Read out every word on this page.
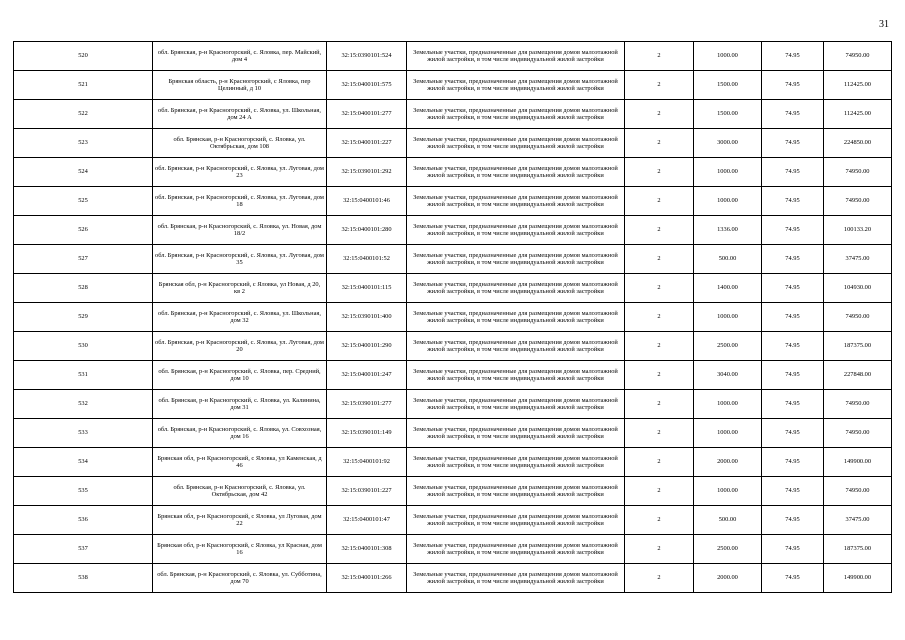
31
520	обл. Брянская, р-н Красногорский, с. Яловка, пер. Майский, дом 4	32:15:0390101:524	Земельные участки, предназначенные для размещения домов малоэтажной жилой застройки, в том числе индивидуальной жилой застройки	2	1000.00	74.95	74950.00
521	Брянская область, р-н Красногорский, с Яловка, пер Целинный, д 10	32:15:0400101:575	Земельные участки, предназначенные для размещения домов малоэтажной жилой застройки, в том числе индивидуальной жилой застройки	2	1500.00	74.95	112425.00
522	обл. Брянская, р-н Красногорский, с. Яловка, ул. Школьная, дом 24 А	32:15:0400101:277	Земельные участки, предназначенные для размещения домов малоэтажной жилой застройки, в том числе индивидуальной жилой застройки	2	1500.00	74.95	112425.00
523	обл. Брянская, р-н Красногорский, с. Яловка, ул. Октябрьская, дом 108	32:15:0400101:227	Земельные участки, предназначенные для размещения домов малоэтажной жилой застройки, в том числе индивидуальной жилой застройки	2	3000.00	74.95	224850.00
524	обл. Брянская, р-н Красногорский, с. Яловка, ул. Луговая, дом 23	32:15:0390101:292	Земельные участки, предназначенные для размещения домов малоэтажной жилой застройки, в том числе индивидуальной жилой застройки	2	1000.00	74.95	74950.00
525	обл. Брянская, р-н Красногорский, с. Яловка, ул. Луговая, дом 18	32:15:0400101:46	Земельные участки, предназначенные для размещения домов малоэтажной жилой застройки, в том числе индивидуальной жилой застройки	2	1000.00	74.95	74950.00
526	обл. Брянская, р-н Красногорский, с. Яловка, ул. Новая, дом 18/2	32:15:0400101:280	Земельные участки, предназначенные для размещения домов малоэтажной жилой застройки, в том числе индивидуальной жилой застройки	2	1336.00	74.95	100133.20
527	обл. Брянская, р-н Красногорский, с. Яловка, ул. Луговая, дом 35	32:15:0400101:52	Земельные участки, предназначенные для размещения домов малоэтажной жилой застройки, в том числе индивидуальной жилой застройки	2	500.00	74.95	37475.00
528	Брянская обл, р-н Красногорский, с Яловка, ул Новая, д 20, кв 2	32:15:0400101:115	Земельные участки, предназначенные для размещения домов малоэтажной жилой застройки, в том числе индивидуальной жилой застройки	2	1400.00	74.95	104930.00
529	обл. Брянская, р-н Красногорский, с. Яловка, ул. Школьная, дом 32	32:15:0390101:400	Земельные участки, предназначенные для размещения домов малоэтажной жилой застройки, в том числе индивидуальной жилой застройки	2	1000.00	74.95	74950.00
530	обл. Брянская, р-н Красногорский, с. Яловка, ул. Луговая, дом 20	32:15:0400101:290	Земельные участки, предназначенные для размещения домов малоэтажной жилой застройки, в том числе индивидуальной жилой застройки	2	2500.00	74.95	187375.00
531	обл. Брянская, р-н Красногорский, с. Яловка, пер. Средний, дом 10	32:15:0400101:247	Земельные участки, предназначенные для размещения домов малоэтажной жилой застройки, в том числе индивидуальной жилой застройки	2	3040.00	74.95	227848.00
532	обл. Брянская, р-н Красногорский, с. Яловка, ул. Калинина, дом 31	32:15:0390101:277	Земельные участки, предназначенные для размещения домов малоэтажной жилой застройки, в том числе индивидуальной жилой застройки	2	1000.00	74.95	74950.00
533	обл. Брянская, р-н Красногорский, с. Яловка, ул. Совхозная, дом 16	32:15:0390101:149	Земельные участки, предназначенные для размещения домов малоэтажной жилой застройки, в том числе индивидуальной жилой застройки	2	1000.00	74.95	74950.00
534	Брянская обл, р-н Красногорский, с Яловка, ул Каменская, д 46	32:15:0400101:92	Земельные участки, предназначенные для размещения домов малоэтажной жилой застройки, в том числе индивидуальной жилой застройки	2	2000.00	74.95	149900.00
535	обл. Брянская, р-н Красногорский, с. Яловка, ул. Октябрьская, дом 42	32:15:0390101:227	Земельные участки, предназначенные для размещения домов малоэтажной жилой застройки, в том числе индивидуальной жилой застройки	2	1000.00	74.95	74950.00
536	Брянская обл, р-н Красногорский, с Яловка, ул Луговая, дом 22	32:15:0400101:47	Земельные участки, предназначенные для размещения домов малоэтажной жилой застройки, в том числе индивидуальной жилой застройки	2	500.00	74.95	37475.00
537	Брянская обл, р-н Красногорский, с Яловка, ул Красная, дом 16	32:15:0400101:308	Земельные участки, предназначенные для размещения домов малоэтажной жилой застройки, в том числе индивидуальной жилой застройки	2	2500.00	74.95	187375.00
538	обл. Брянская, р-н Красногорский, с. Яловка, ул. Субботина, дом 70	32:15:0400101:266	Земельные участки, предназначенные для размещения домов малоэтажной жилой застройки, в том числе индивидуальной жилой застройки	2	2000.00	74.95	149900.00
